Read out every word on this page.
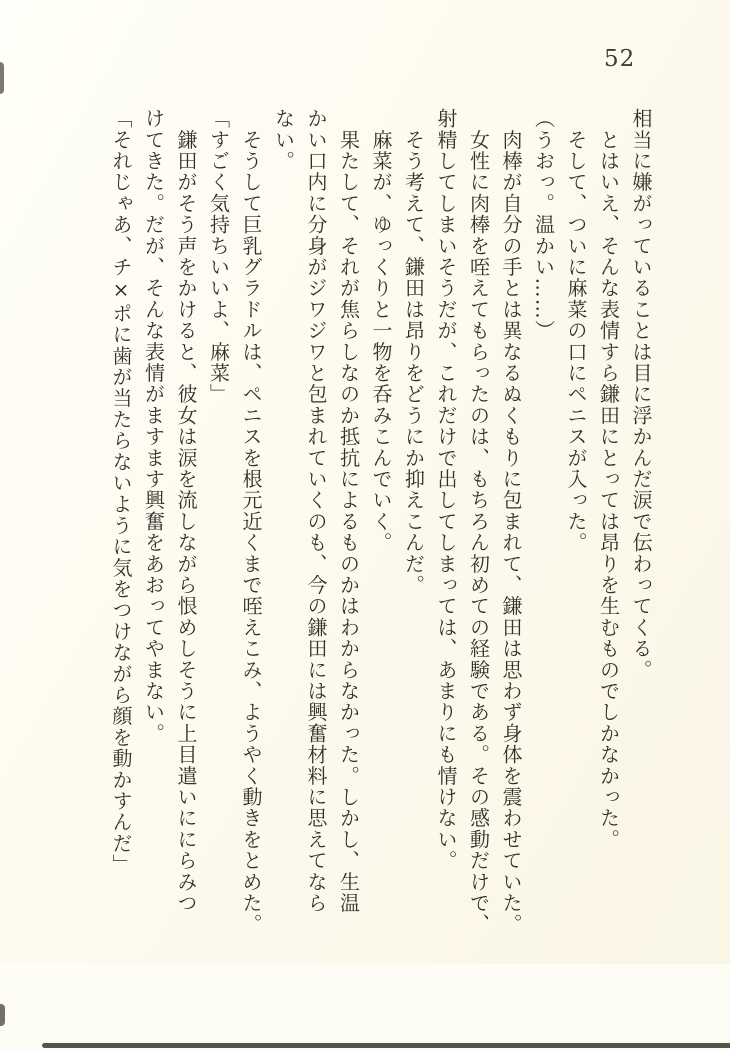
52

相当に嫌がっていることは目に浮かんだ涙で伝わってくる。

　とはいえ、そんな表情すら鎌田にとっては昂りを生むものでしかなかった。

　そして、ついに麻菜の口にペニスが入った。

（うおっ。温かい……）

　肉棒が自分の手とは異なるぬくもりに包まれて、鎌田は思わず身体を震わせていた。

　女性に肉棒を咥えてもらったのは、もちろん初めての経験である。その感動だけで、

射精してしまいそうだが、これだけで出してしまっては、あまりにも情けない。

　そう考えて、鎌田は昂りをどうにか抑えこんだ。

　麻菜が、ゆっくりと一物を呑みこんでいく。

　果たして、それが焦らしなのか抵抗によるものかはわからなかった。しかし、生温

かい口内に分身がジワジワと包まれていくのも、今の鎌田には興奮材料に思えてなら

ない。

　そうして巨乳グラドルは、ペニスを根元近くまで咥えこみ、ようやく動きをとめた。

「すごく気持ちいいよ、麻菜」

　鎌田がそう声をかけると、彼女は涙を流しながら恨めしそうに上目遣いににらみつ

けてきた。だが、そんな表情がますます興奮をあおってやまない。

「それじゃあ、チ×ポに歯が当たらないように気をつけながら顔を動かすんだ」
